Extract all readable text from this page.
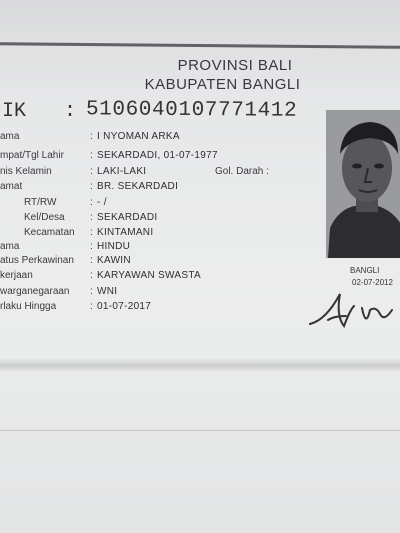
PROVINSI BALI
KABUPATEN BANGLI
IK : 5106040107771412
ama	: I NYOMAN ARKA
mpat/Tgl Lahir	: SEKARDADI, 01-07-1977
nis Kelamin	: LAKI-LAKI	Gol. Darah :
amat	: BR. SEKARDADI
RT/RW	: - /
Kel/Desa	: SEKARDADI
Kecamatan : KINTAMANI
ama	: HINDU
atus Perkawinan : KAWIN
kerjaan	: KARYAWAN SWASTA
warganegaraan : WNI
rlaku Hingga	: 01-07-2017
BANGLI
02-07-2012
